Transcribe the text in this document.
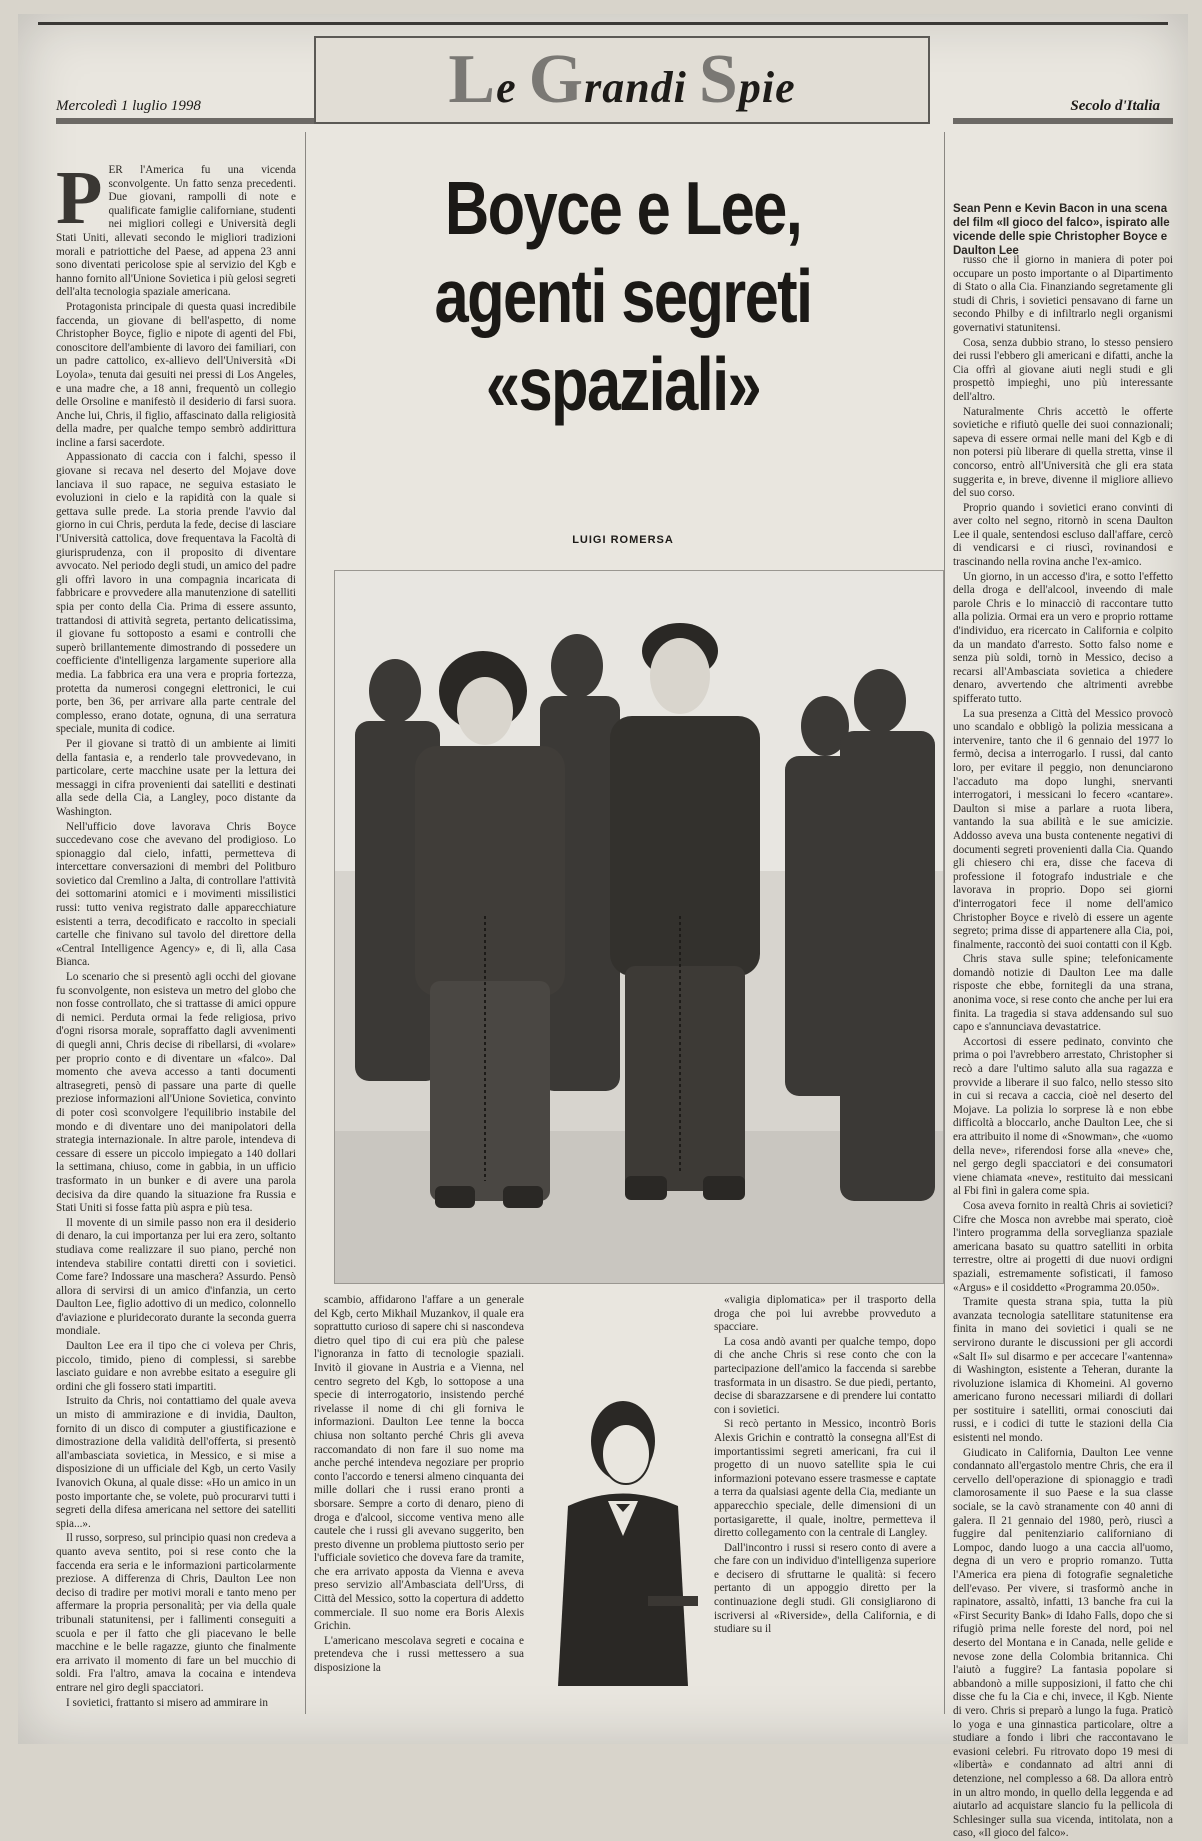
Mercoledì 1 luglio 1998	Secolo d'Italia
Le Grandi Spie

PER l'America fu una vicenda sconvolgente. Un fatto senza precedenti. Due giovani, rampolli di note e qualificate famiglie californiane, studenti nei migliori collegi e Università degli Stati Uniti, allevati secondo le migliori tradizioni morali e patriottiche del Paese, ad appena 23 anni sono diventati pericolose spie al servizio del Kgb e hanno fornito all'Unione Sovietica i più gelosi segreti dell'alta tecnologia spaziale americana.

Protagonista principale di questa quasi incredibile faccenda, un giovane di bell'aspetto, di nome Christopher Boyce, figlio e nipote di agenti del Fbi, conoscitore dell'ambiente di lavoro dei familiari, con un padre cattolico, ex-allievo dell'Università «Di Loyola», tenuta dai gesuiti nei pressi di Los Angeles, e una madre che, a 18 anni, frequentò un collegio delle Orsoline e manifestò il desiderio di farsi suora. Anche lui, Chris, il figlio, affascinato dalla religiosità della madre, per qualche tempo sembrò addirittura incline a farsi sacerdote.

Appassionato di caccia con i falchi, spesso il giovane si recava nel deserto del Mojave dove lanciava il suo rapace, ne seguiva estasiato le evoluzioni in cielo e la rapidità con la quale si gettava sulle prede. La storia prende l'avvio dal giorno in cui Chris, perduta la fede, decise di lasciare l'Università cattolica, dove frequentava la Facoltà di giurisprudenza, con il proposito di diventare avvocato. Nel periodo degli studi, un amico del padre gli offrì lavoro in una compagnia incaricata di fabbricare e provvedere alla manutenzione di satelliti spia per conto della Cia. Prima di essere assunto, trattandosi di attività segreta, pertanto delicatissima, il giovane fu sottoposto a esami e controlli che superò brillantemente dimostrando di possedere un coefficiente d'intelligenza largamente superiore alla media. La fabbrica era una vera e propria fortezza, protetta da numerosi congegni elettronici, le cui porte, ben 36, per arrivare alla parte centrale del complesso, erano dotate, ognuna, di una serratura speciale, munita di codice.

Per il giovane si trattò di un ambiente ai limiti della fantasia e, a renderlo tale provvedevano, in particolare, certe macchine usate per la lettura dei messaggi in cifra provenienti dai satelliti e destinati alla sede della Cia, a Langley, poco distante da Washington.

Nell'ufficio dove lavorava Chris Boyce succedevano cose che avevano del prodigioso. Lo spionaggio dal cielo, infatti, permetteva di intercettare conversazioni di membri del Politburo sovietico dal Cremlino a Jalta, di controllare l'attività dei sottomarini atomici e i movimenti missilistici russi: tutto veniva registrato dalle apparecchiature esistenti a terra, decodificato e raccolto in speciali cartelle che finivano sul tavolo del direttore della «Central Intelligence Agency» e, di lì, alla Casa Bianca.

Lo scenario che si presentò agli occhi del giovane fu sconvolgente, non esisteva un metro del globo che non fosse controllato, che si trattasse di amici oppure di nemici. Perduta ormai la fede religiosa, privo d'ogni risorsa morale, sopraffatto dagli avvenimenti di quegli anni, Chris decise di ribellarsi, di «volare» per proprio conto e di diventare un «falco». Dal momento che aveva accesso a tanti documenti altrasegreti, pensò di passare una parte di quelle preziose informazioni all'Unione Sovietica, convinto di poter così sconvolgere l'equilibrio instabile del mondo e di diventare uno dei manipolatori della strategia internazionale. In altre parole, intendeva di cessare di essere un piccolo impiegato a 140 dollari la settimana, chiuso, come in gabbia, in un ufficio trasformato in un bunker e di avere una parola decisiva da dire quando la situazione fra Russia e Stati Uniti si fosse fatta più aspra e più tesa.

Il moventе di un simile passo non era il desiderio di denaro, la cui importanza per lui era zero, soltanto studiava come realizzare il suo piano, perché non intendeva stabilire contatti diretti con i sovietici. Come fare? Indossare una maschera? Assurdo. Pensò allora di servirsi di un amico d'infanzia, un certo Daulton Lee, figlio adottivo di un medico, colonnello d'aviazione e pluridecorato durante la seconda guerra mondiale.

Daulton Lee era il tipo che ci voleva per Chris, piccolo, timido, pieno di complessi, si sarebbe lasciato guidare e non avrebbe esitato a eseguire gli ordini che gli fossero stati impartiti.

Istruito da Chris, noi contattiamo del quale aveva un misto di ammirazione e di invidia, Daulton, fornito di un disco di computer a giustificazione e dimostrazione della validità dell'offerta, si presentò all'ambasciata sovietica, in Messico, e si mise a disposizione di un ufficiale del Kgb, un certo Vasily Ivanovich Okuna, al quale disse: «Ho un amico in un posto importante che, se volete, può procurarvi tutti i segreti della difesa americana nel settore dei satelliti spia...».

Il russo, sorpreso, sul principio quasi non credeva a quanto aveva sentito, poi si rese conto che la faccenda era seria e le informazioni particolarmente preziose. A differenza di Chris, Daulton Lee non deciso di tradire per motivi morali e tanto meno per affermare la propria personalità; per via della quale tribunali statunitensi, per i fallimenti conseguiti a scuola e per il fatto che gli piacevano le belle macchine e le belle ragazze, giunto che finalmente era arrivato il momento di fare un bel mucchio di soldi. Fra l'altro, amava la cocaina e intendeva entrare nel giro degli spacciatori.

I sovietici, frattanto si misero ad ammirare in

Boyce e Lee,
agenti segreti
«spaziali»
LUIGI ROMERSA
Sean Penn e Kevin Bacon in una scena del film «Il gioco del falco», ispirato alle vicende delle spie Christopher Boyce e Daulton Lee

russo che il giorno in maniera di poter poi occupare un posto importante o al Dipartimento di Stato o alla Cia. Finanziando segretamente gli studi di Chris, i sovietici pensavano di farne un secondo Philby e di infiltrarlo negli organismi governativi statunitensi.

Cosa, senza dubbio strano, lo stesso pensiero dei russi l'ebbero gli americani e difatti, anche la Cia offrì al giovane aiuti negli studi e gli prospettò impieghi, uno più interessante dell'altro.

Naturalmente Chris accettò le offerte sovietiche e rifiutò quelle dei suoi connazionali; sapeva di essere ormai nelle mani del Kgb e di non potersi più liberare di quella stretta, vinse il concorso, entrò all'Università che gli era stata suggerita e, in breve, divenne il migliore allievo del suo corso.

Proprio quando i sovietici erano convinti di aver colto nel segno, ritornò in scena Daulton Lee il quale, sentendosi escluso dall'affare, cercò di vendicarsi e ci riuscì, rovinandosi e trascinando nella rovina anche l'ex-amico.

Un giorno, in un accesso d'ira, e sotto l'effetto della droga e dell'alcool, inveendo di male parole Chris e lo minacciò di raccontare tutto alla polizia. Ormai era un vero e proprio rottame d'individuo, era ricercato in California e colpito da un mandato d'arresto. Sotto falso nome e senza più soldi, tornò in Messico, deciso a recarsi all'Ambasciata sovietica a chiedere denaro, avvertendo che altrimenti avrebbe spifferato tutto.

La sua presenza a Città del Messico provocò uno scandalo e obbligò la polizia messicana a intervenire, tanto che il 6 gennaio del 1977 lo fermò, decisa a interrogarlo. I russi, dal canto loro, per evitare il peggio, non denunciarono l'accaduto ma dopo lunghi, snervanti interrogatori, i messicani lo fecero «cantare». Daulton si mise a parlare a ruota libera, vantando la sua abilità e le sue amicizie. Addosso aveva una busta contenente negativi di documenti segreti provenienti dalla Cia. Quando gli chiesero chi era, disse che faceva di professione il fotografo industriale e che lavorava in proprio. Dopo sei giorni d'interrogatori fece il nome dell'amico Christopher Boyce e rivelò di essere un agente segreto; prima disse di appartenere alla Cia, poi, finalmente, raccontò dei suoi contatti con il Kgb.

Chris stava sulle spine; telefonicamente domandò notizie di Daulton Lee ma dalle risposte che ebbe, fornitegli da una strana, anonima voce, si rese conto che anche per lui era finita. La tragedia si stava addensando sul suo capo e s'annunciava devastatrice.

Accortosi di essere pedinato, convinto che prima o poi l'avrebbero arrestato, Christopher si recò a dare l'ultimo saluto alla sua ragazza e provvide a liberare il suo falco, nello stesso sito in cui si recava a caccia, cioè nel deserto del Mojave. La polizia lo sorprese là e non ebbe difficoltà a bloccarlo, anche Daulton Lee, che si era attribuito il nome di «Snowman», che «uomo della neve», riferendosi forse alla «neve» che, nel gergo degli spacciatori e dei consumatori viene chiamata «neve», restituito dai messicani al Fbi finì in galera come spia.

Cosa aveva fornito in realtà Chris ai sovietici? Cifre che Mosca non avrebbe mai sperato, cioè l'intero programma della sorveglianza spaziale americana basato su quattro satelliti in orbita terrestre, oltre ai progetti di due nuovi ordigni spaziali, estremamente sofisticati, il famoso «Argus» e il cosiddetto «Programma 20.050».

Tramite questa strana spia, tutta la più avanzata tecnologia satellitare statunitense era finita in mano dei sovietici i quali se ne servirono durante le discussioni per gli accordi «Salt II» sul disarmo e per accecare l'«antenna» di Washington, esistente a Teheran, durante la rivoluzione islamica di Khomeini. Al governo americano furono necessari miliardi di dollari per sostituire i satelliti, ormai conosciuti dai russi, e i codici di tutte le stazioni della Cia esistenti nel mondo.

Giudicato in California, Daulton Lee venne condannato all'ergastolo mentre Chris, che era il cervello dell'operazione di spionaggio e tradì clamorosamente il suo Paese e la sua classe sociale, se la cavò stranamente con 40 anni di galera. Il 21 gennaio del 1980, però, riuscì a fuggire dal penitenziario californiano di Lompoc, dando luogo a una caccia all'uomo, degna di un vero e proprio romanzo. Tutta l'America era piena di fotografie segnaletiche dell'evaso. Per vivere, si trasformò anche in rapinatore, assaltò, infatti, 13 banche fra cui la «First Security Bank» di Idaho Falls, dopo che si rifugiò prima nelle foreste del nord, poi nel deserto del Montana e in Canada, nelle gelide e nevose zone della Colombia britannica. Chi l'aiutò a fuggire? La fantasia popolare si abbandonò a mille supposizioni, il fatto che chi disse che fu la Cia e chi, invece, il Kgb. Niente di vero. Chris si preparò a lungo la fuga. Praticò lo yoga e una ginnastica particolare, oltre a studiare a fondo i libri che raccontavano le evasioni celebri. Fu ritrovato dopo 19 mesi di «libertà» e condannato ad altri anni di detenzione, nel complesso a 68. Da allora entrò in un altro mondo, in quello della leggenda e ad aiutarlo ad acquistare slancio fu la pellicola di Schlesinger sulla sua vicenda, intitolata, non a caso, «Il gioco del falco».

scambio, affidarono l'affare a un generale del Kgb, certo Mikhail Muzankov, il quale era soprattutto curioso di sapere chi si nascondeva dietro quel tipo di cui era più che palese l'ignoranza in fatto di tecnologie spaziali. Invitò il giovane in Austria e a Vienna, nel centro segreto del Kgb, lo sottopose a una specie di interrogatorio, insistendo perché rivelasse il nome di chi gli forniva le informazioni. Daulton Lee tenne la bocca chiusa non soltanto perché Chris gli aveva raccomandato di non fare il suo nome ma anche perché intendeva negoziare per proprio conto l'accordo e tenersi almeno cinquanta dei mille dollari che i russi erano pronti a sborsare. Sempre a corto di denaro, pieno di droga e d'alcool, siccome ventiva meno alle cautele che i russi gli avevano suggerito, ben presto divenne un problema piuttosto serio per l'ufficiale sovietico che doveva fare da tramite, che era arrivato apposta da Vienna e aveva preso servizio all'Ambasciata dell'Urss, di Città del Messico, sotto la copertura di addetto commerciale. Il suo nome era Boris Alexis Grichin.

L'americano mescolava segreti e cocaina e pretendeva che i russi mettessero a sua disposizione la

«valigia diplomatica» per il trasporto della droga che poi lui avrebbe provveduto a spacciare.

La cosa andò avanti per qualche tempo, dopo di che anche Chris si rese conto che con la partecipazione dell'amico la faccenda si sarebbe trasformata in un disastro. Se due piedi, pertanto, decise di sbarazzarsene e di prendere lui contatto con i sovietici.

Si recò pertanto in Messico, incontrò Boris Alexis Grichin e contrattò la consegna all'Est di importantissimi segreti americani, fra cui il progetto di un nuovo satellite spia le cui informazioni potevano essere trasmesse e captate a terra da qualsiasi agente della Cia, mediante un apparecchio speciale, delle dimensioni di un portasigarette, il quale, inoltre, permetteva il diretto collegamento con la centrale di Langley.

Dall'incontro i russi si resero conto di avere a che fare con un individuo d'intelligenza superiore e decisero di sfruttarne le qualità: si fecero pertanto di un appoggio diretto per la continuazione degli studi. Gli consigliarono di iscriversi al «Riverside», della California, e di studiare su il
